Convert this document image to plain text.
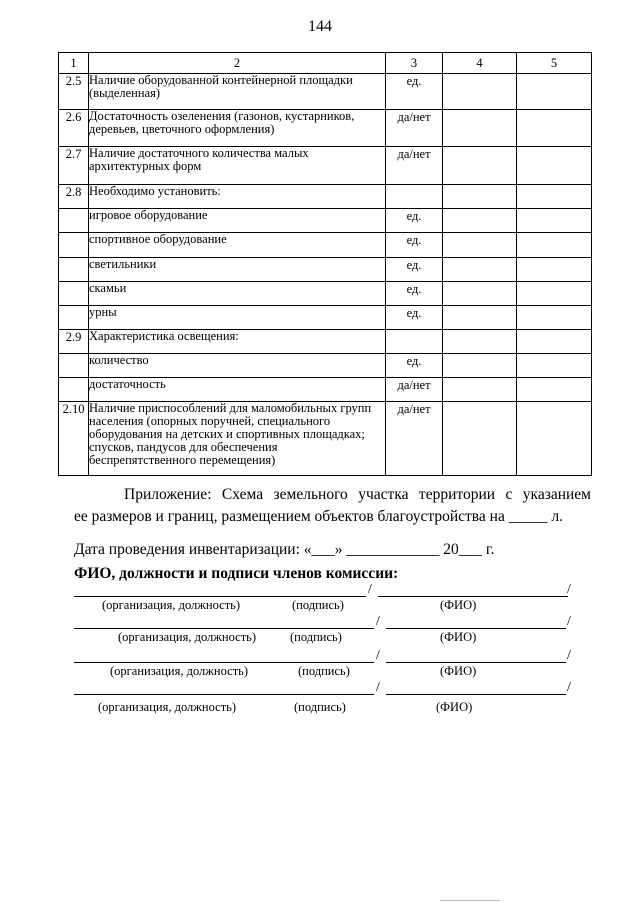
144
1	2	3	4	5
2.5	Наличие оборудованной контейнерной площадки (выделенная)	ед.		
2.6	Достаточность озеленения (газонов, кустарников, деревьев, цветочного оформления)	да/нет		
2.7	Наличие достаточного количества малых архитектурных форм	да/нет		
2.8	Необходимо установить:			
	игровое оборудование	ед.		
	спортивное оборудование	ед.		
	светильники	ед.		
	скамьи	ед.		
	урны	ед.		
2.9	Характеристика освещения:			
	количество	ед.		
	достаточность	да/нет		
2.10	Наличие приспособлений для маломобильных групп населения (опорных поручней, специального оборудования на детских и спортивных площадках; спусков, пандусов для обеспечения беспрепятственного перемещения)	да/нет		
Приложение: Схема земельного участка территории с указанием
ее размеров и границ, размещением объектов благоустройства на _____ л.
Дата проведения инвентаризации: «___» ____________ 20___ г.
ФИО, должности и подписи членов комиссии:
/	/
(организация, должность)	(подпись)	(ФИО)
/	/
(организация, должность)	(подпись)	(ФИО)
/	/
(организация, должность)	(подпись)	(ФИО)
/	/
(организация, должность)	(подпись)	(ФИО)
